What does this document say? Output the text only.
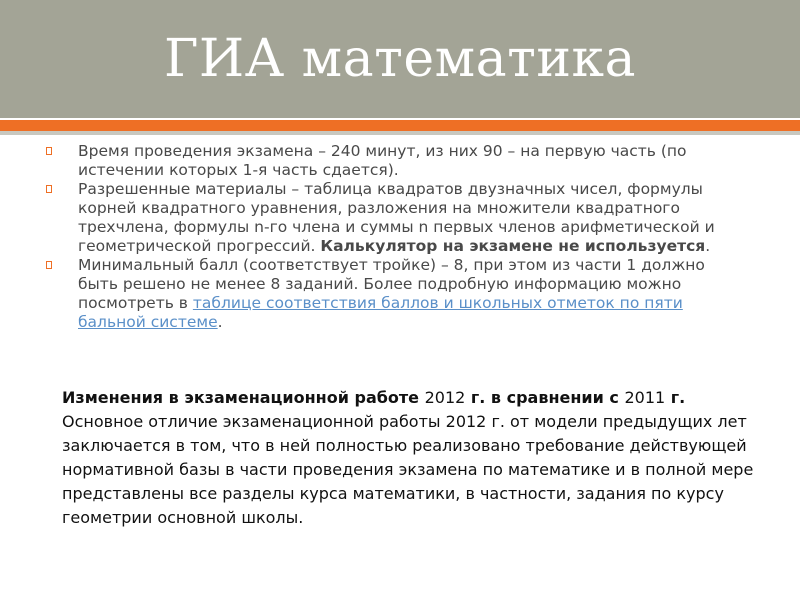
ГИА математика
Время проведения экзамена – 240 минут, из них 90 – на первую часть (по истечении которых 1-я часть сдается).
Разрешенные материалы – таблица квадратов двузначных чисел, формулы корней квадратного уравнения, разложения на множители квадратного трехчлена, формулы n-го члена и суммы n первых членов арифметической и геометрической прогрессий. Калькулятор на экзамене не используется.
Минимальный балл (соответствует тройке) – 8, при этом из части 1 должно быть решено не менее 8 заданий. Более подробную информацию можно посмотреть в таблице соответствия баллов и школьных отметок по пяти бальной системе.
Изменения в экзаменационной работе 2012 г. в сравнении с 2011 г.
Основное отличие экзаменационной работы 2012 г. от модели предыдущих лет заключается в том, что в ней полностью реализовано требование действующей нормативной базы в части проведения экзамена по математике и в полной мере представлены все разделы курса математики, в частности, задания по курсу геометрии основной школы.
